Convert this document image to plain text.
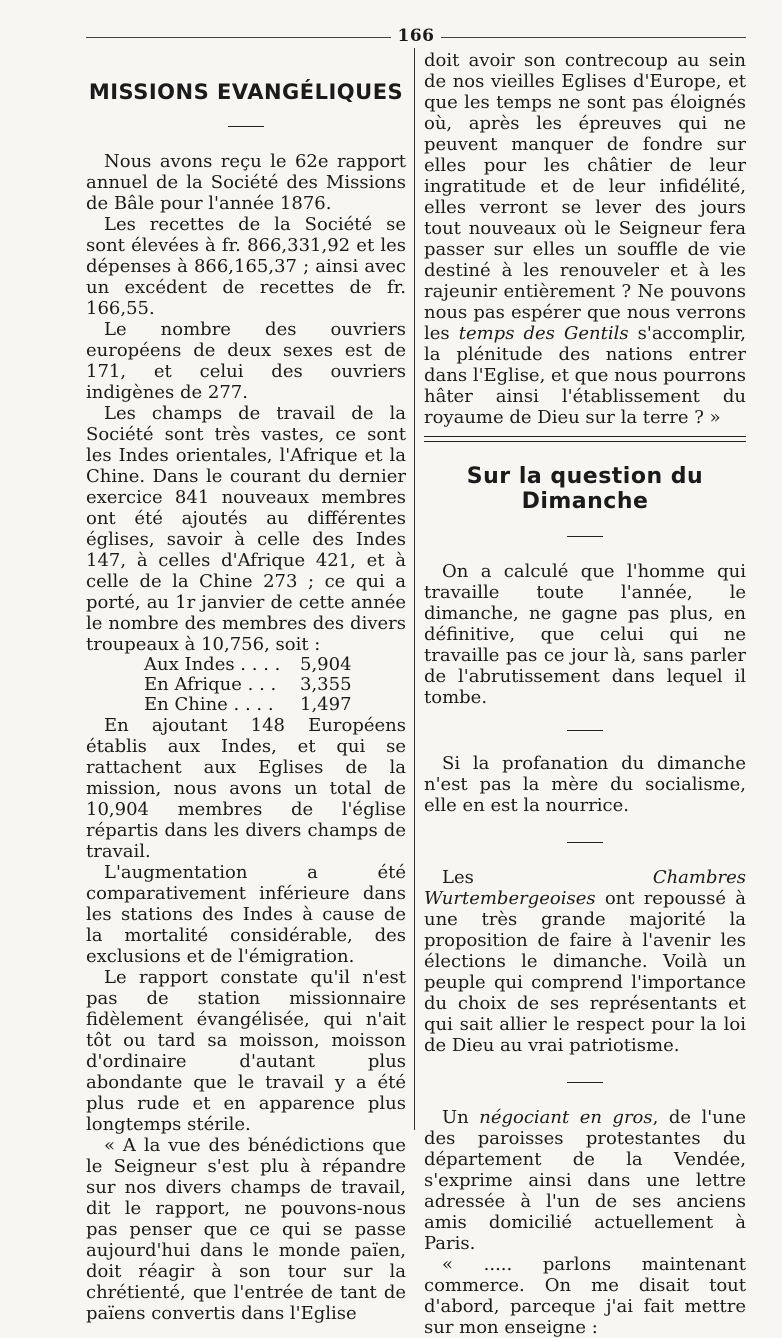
166
MISSIONS EVANGÉLIQUES

Nous avons reçu le 62e rapport annuel de la Société des Missions de Bâle pour l'année 1876.

Les recettes de la Société se sont élevées à fr. 866,331,92 et les dépenses à 866,165,37 ; ainsi avec un excédent de recettes de fr. 166,55.

Le nombre des ouvriers européens de deux sexes est de 171, et celui des ouvriers indigènes de 277.

Les champs de travail de la Société sont très vastes, ce sont les Indes orientales, l'Afrique et la Chine. Dans le courant du dernier exercice 841 nouveaux membres ont été ajoutés au différentes églises, savoir à celle des Indes 147, à celles d'Afrique 421, et à celle de la Chine 273 ; ce qui a porté, au 1r janvier de cette année le nombre des membres des divers troupeaux à 10,756, soit :

Aux Indes . . . .	5,904
En Afrique . . .	3,355
En Chine . . . .	1,497

En ajoutant 148 Européens établis aux Indes, et qui se rattachent aux Eglises de la mission, nous avons un total de 10,904 membres de l'église répartis dans les divers champs de travail.

L'augmentation a été comparativement inférieure dans les stations des Indes à cause de la mortalité considérable, des exclusions et de l'émigration.

Le rapport constate qu'il n'est pas de station missionnaire fidèlement évangélisée, qui n'ait tôt ou tard sa moisson, moisson d'ordinaire d'autant plus abondante que le travail y a été plus rude et en apparence plus longtemps stérile.

« A la vue des bénédictions que le Seigneur s'est plu à répandre sur nos divers champs de travail, dit le rapport, ne pouvons-nous pas penser que ce qui se passe aujourd'hui dans le monde païen, doit réagir à son tour sur la chrétienté, que l'entrée de tant de païens convertis dans l'Eglise

doit avoir son contrecoup au sein de nos vieilles Eglises d'Europe, et que les temps ne sont pas éloignés où, après les épreuves qui ne peuvent manquer de fondre sur elles pour les châtier de leur ingratitude et de leur infidélité, elles verront se lever des jours tout nouveaux où le Seigneur fera passer sur elles un souffle de vie destiné à les renouveler et à les rajeunir entièrement ? Ne pouvons nous pas espérer que nous verrons les temps des Gentils s'accomplir, la plénitude des nations entrer dans l'Eglise, et que nous pourrons hâter ainsi l'établissement du royaume de Dieu sur la terre ? »

Sur la question du Dimanche

On a calculé que l'homme qui travaille toute l'année, le dimanche, ne gagne pas plus, en définitive, que celui qui ne travaille pas ce jour là, sans parler de l'abrutissement dans lequel il tombe.

Si la profanation du dimanche n'est pas la mère du socialisme, elle en est la nourrice.

Les Chambres Wurtembergeoises ont repoussé à une très grande majorité la proposition de faire à l'avenir les élections le dimanche. Voilà un peuple qui comprend l'importance du choix de ses représentants et qui sait allier le respect pour la loi de Dieu au vrai patriotisme.

Un négociant en gros, de l'une des paroisses protestantes du département de la Vendée, s'exprime ainsi dans une lettre adressée à l'un de ses anciens amis domicilié actuellement à Paris.

« ..... parlons maintenant commerce. On me disait tout d'abord, parceque j'ai fait mettre sur mon enseigne :
